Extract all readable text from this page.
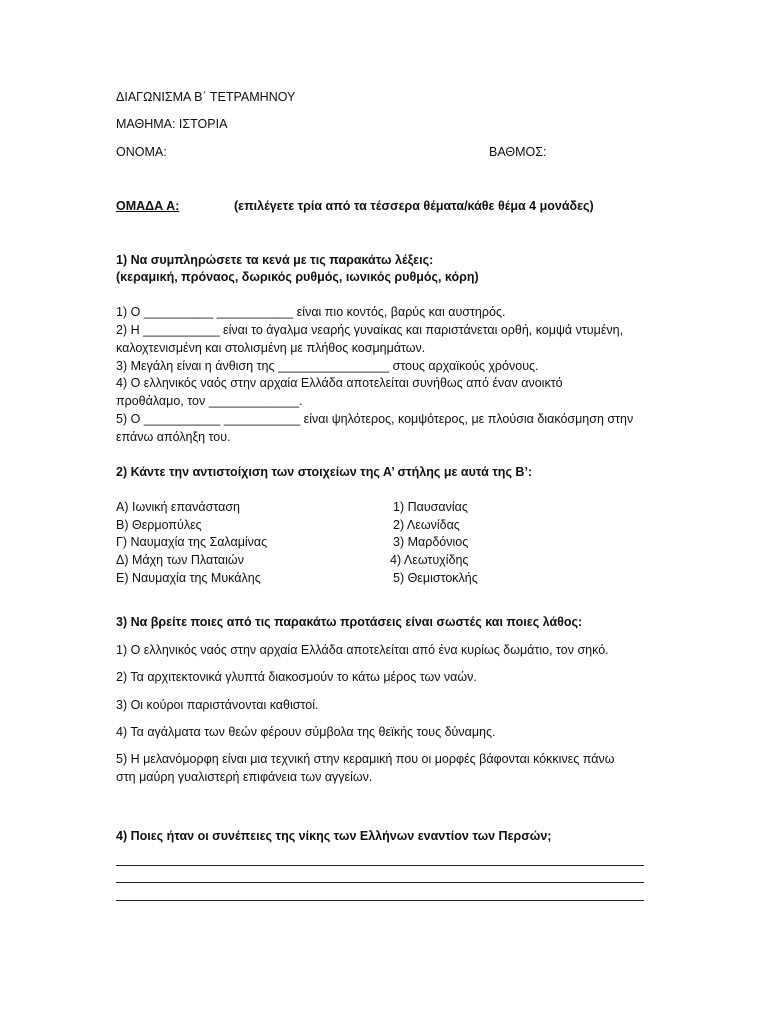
ΔΙΑΓΩΝΙΣΜΑ Β΄ ΤΕΤΡΑΜΗΝΟΥ
ΜΑΘΗΜΑ: ΙΣΤΟΡΙΑ
ΟΝΟΜΑ:	ΒΑΘΜΟΣ:
ΟΜΑΔΑ Α:	(επιλέγετε τρία από τα τέσσερα θέματα/κάθε θέμα 4 μονάδες)
1) Να συμπληρώσετε τα κενά με τις παρακάτω λέξεις:
(κεραμική, πρόναος, δωρικός ρυθμός, ιωνικός ρυθμός, κόρη)
1) Ο __________ ___________ είναι πιο κοντός, βαρύς και αυστηρός.
2) Η ___________ είναι το άγαλμα νεαρής γυναίκας και παριστάνεται ορθή, κομψά ντυμένη,
καλοχτενισμένη και στολισμένη με πλήθος κοσμημάτων.
3) Μεγάλη είναι η άνθιση της ________________ στους αρχαϊκούς χρόνους.
4) Ο ελληνικός ναός στην αρχαία Ελλάδα αποτελείται συνήθως από έναν ανοικτό
προθάλαμο, τον _____________.
5) Ο ___________ ___________ είναι ψηλότερος, κομψότερος, με πλούσια διακόσμηση στην
επάνω απόληξη του.
2) Κάντε την αντιστοίχιση των στοιχείων της Α’ στήλης με αυτά της Β’:
Α) Ιωνική επανάσταση
Β) Θερμοπύλες
Γ) Ναυμαχία της Σαλαμίνας
Δ) Μάχη των Πλαταιών
Ε) Ναυμαχία της Μυκάλης
1) Παυσανίας
2) Λεωνίδας
3) Μαρδόνιος
4) Λεωτυχίδης
5) Θεμιστοκλής
3) Να βρείτε ποιες από τις παρακάτω προτάσεις είναι σωστές και ποιες λάθος:
1) Ο ελληνικός ναός στην αρχαία Ελλάδα αποτελείται από ένα κυρίως δωμάτιο, τον σηκό.
2) Τα αρχιτεκτονικά γλυπτά διακοσμούν το κάτω μέρος των ναών.
3) Οι κούροι παριστάνονται καθιστοί.
4) Τα αγάλματα των θεών φέρουν σύμβολα της θεϊκής τους δύναμης.
5) Η μελανόμορφη είναι μια τεχνική στην κεραμική που οι μορφές βάφονται κόκκινες πάνω
στη μαύρη γυαλιστερή επιφάνεια των αγγείων.
4) Ποιες ήταν οι συνέπειες της νίκης των Ελλήνων εναντίον των Περσών;
